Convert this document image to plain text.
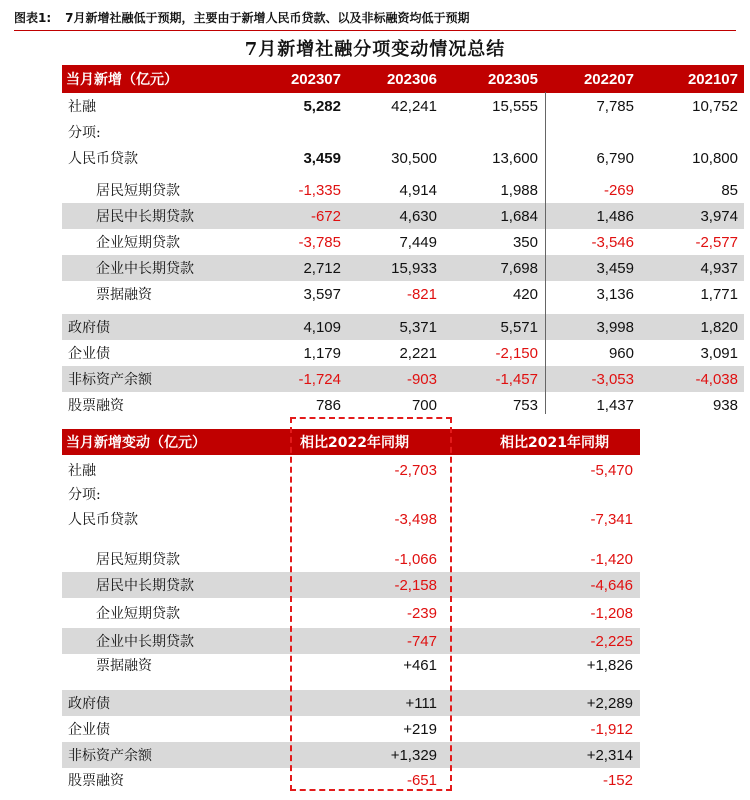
图表1: 7月新增社融低于预期，主要由于新增人民币贷款、以及非标融资均低于预期
7月新增社融分项变动情况总结
当月新增（亿元）	202307	202306	202305	202207	202107
社融	5,282	42,241	15,555	7,785	10,752
分项:
人民币贷款	3,459	30,500	13,600	6,790	10,800
居民短期贷款	-1,335	4,914	1,988	-269	85
居民中长期贷款	-672	4,630	1,684	1,486	3,974
企业短期贷款	-3,785	7,449	350	-3,546	-2,577
企业中长期贷款	2,712	15,933	7,698	3,459	4,937
票据融资	3,597	-821	420	3,136	1,771
政府债	4,109	5,371	5,571	3,998	1,820
企业债	1,179	2,221	-2,150	960	3,091
非标资产余额	-1,724	-903	-1,457	-3,053	-4,038
股票融资	786	700	753	1,437	938
当月新增变动（亿元）	相比2022年同期	相比2021年同期
社融	-2,703	-5,470
分项:
人民币贷款	-3,498	-7,341
居民短期贷款	-1,066	-1,420
居民中长期贷款	-2,158	-4,646
企业短期贷款	-239	-1,208
企业中长期贷款	-747	-2,225
票据融资	+461	+1,826
政府债	+111	+2,289
企业债	+219	-1,912
非标资产余额	+1,329	+2,314
股票融资	-651	-152
